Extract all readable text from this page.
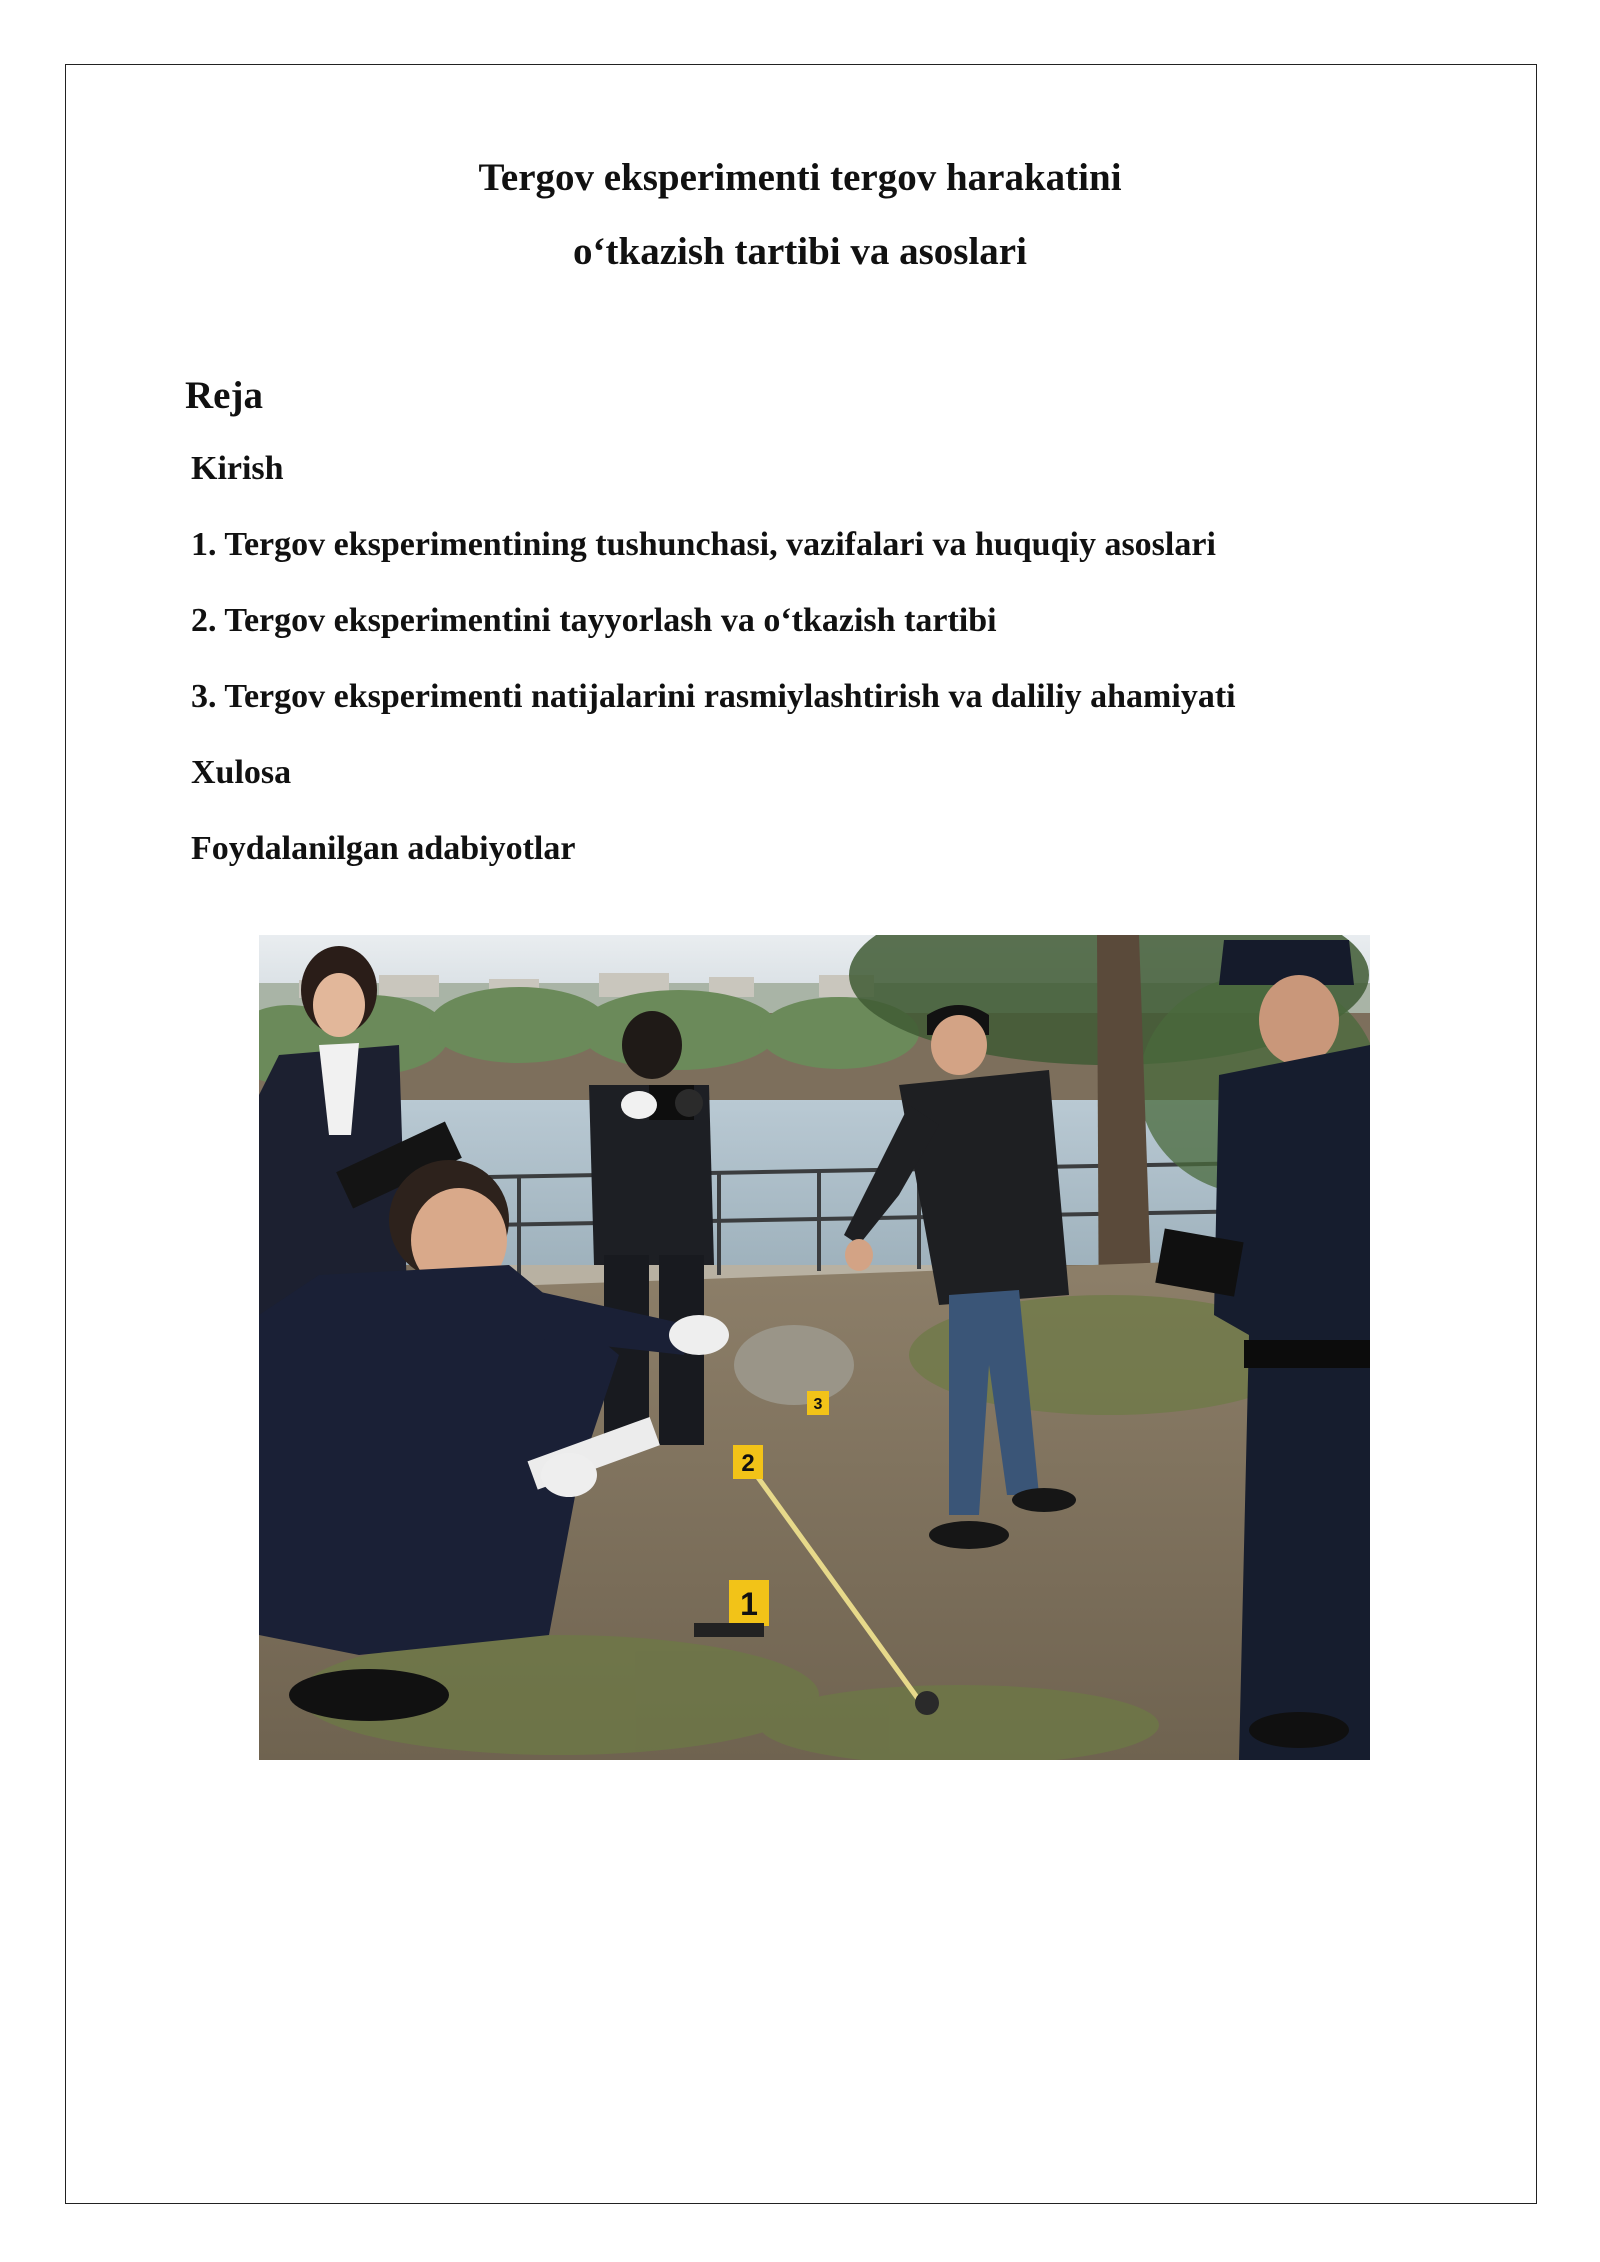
Tergov eksperimenti tergov harakatini
o‘tkazish tartibi va asoslari
Reja

Kirish

1. Tergov eksperimentining tushunchasi, vazifalari va huquqiy asoslari

2. Tergov eksperimentini tayyorlash va o‘tkazish tartibi

3. Tergov eksperimenti natijalarini rasmiylashtirish va daliliy ahamiyati

Xulosa

Foydalanilgan adabiyotlar

1
2
3
